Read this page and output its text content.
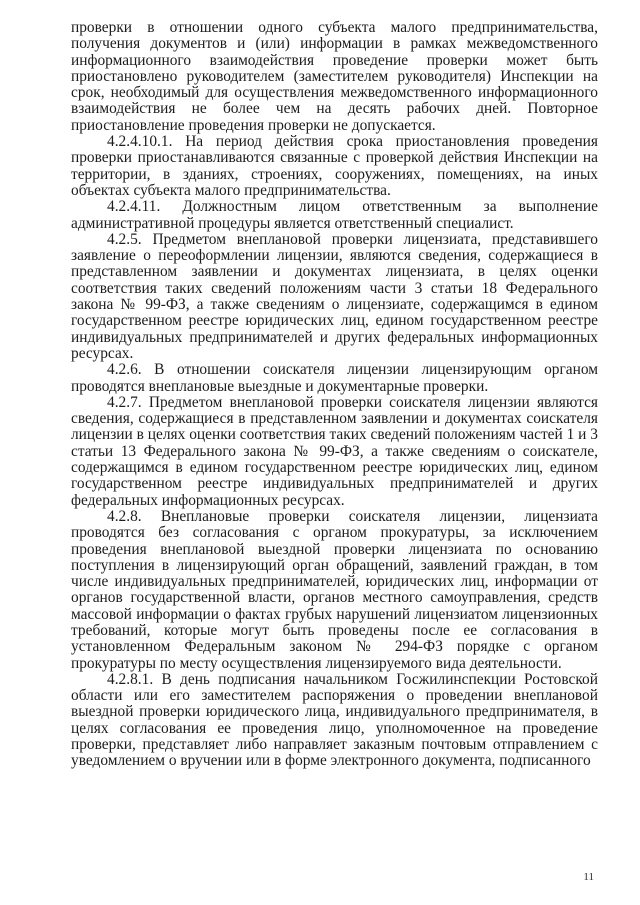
проверки в отношении одного субъекта малого предпринимательства, получения документов и (или) информации в рамках межведомственного информационного взаимодействия проведение проверки может быть приостановлено руководителем (заместителем руководителя) Инспекции на срок, необходимый для осуществления межведомственного информационного взаимодействия не более чем на десять рабочих дней. Повторное приостановление проведения проверки не допускается.

4.2.4.10.1. На период действия срока приостановления проведения проверки приостанавливаются связанные с проверкой действия Инспекции на территории, в зданиях, строениях, сооружениях, помещениях, на иных объектах субъекта малого предпринимательства.

4.2.4.11. Должностным лицом ответственным за выполнение административной процедуры является ответственный специалист.

4.2.5. Предметом внеплановой проверки лицензиата, представившего заявление о переоформлении лицензии, являются сведения, содержащиеся в представленном заявлении и документах лицензиата, в целях оценки соответствия таких сведений положениям части 3 статьи 18 Федерального закона № 99-ФЗ, а также сведениям о лицензиате, содержащимся в едином государственном реестре юридических лиц, едином государственном реестре индивидуальных предпринимателей и других федеральных информационных ресурсах.

4.2.6. В отношении соискателя лицензии лицензирующим органом проводятся внеплановые выездные и документарные проверки.

4.2.7. Предметом внеплановой проверки соискателя лицензии являются сведения, содержащиеся в представленном заявлении и документах соискателя лицензии в целях оценки соответствия таких сведений положениям частей 1 и 3 статьи 13 Федерального закона № 99-ФЗ, а также сведениям о соискателе, содержащимся в едином государственном реестре юридических лиц, едином государственном реестре индивидуальных предпринимателей и других федеральных информационных ресурсах.

4.2.8. Внеплановые проверки соискателя лицензии, лицензиата проводятся без согласования с органом прокуратуры, за исключением проведения внеплановой выездной проверки лицензиата по основанию поступления в лицензирующий орган обращений, заявлений граждан, в том числе индивидуальных предпринимателей, юридических лиц, информации от органов государственной власти, органов местного самоуправления, средств массовой информации о фактах грубых нарушений лицензиатом лицензионных требований, которые могут быть проведены после ее согласования в установленном Федеральным законом № 294-ФЗ порядке с органом прокуратуры по месту осуществления лицензируемого вида деятельности.

4.2.8.1. В день подписания начальником Госжилинспекции Ростовской области или его заместителем распоряжения о проведении внеплановой выездной проверки юридического лица, индивидуального предпринимателя, в целях согласования ее проведения лицо, уполномоченное на проведение проверки, представляет либо направляет заказным почтовым отправлением с уведомлением о вручении или в форме электронного документа, подписанного

11
